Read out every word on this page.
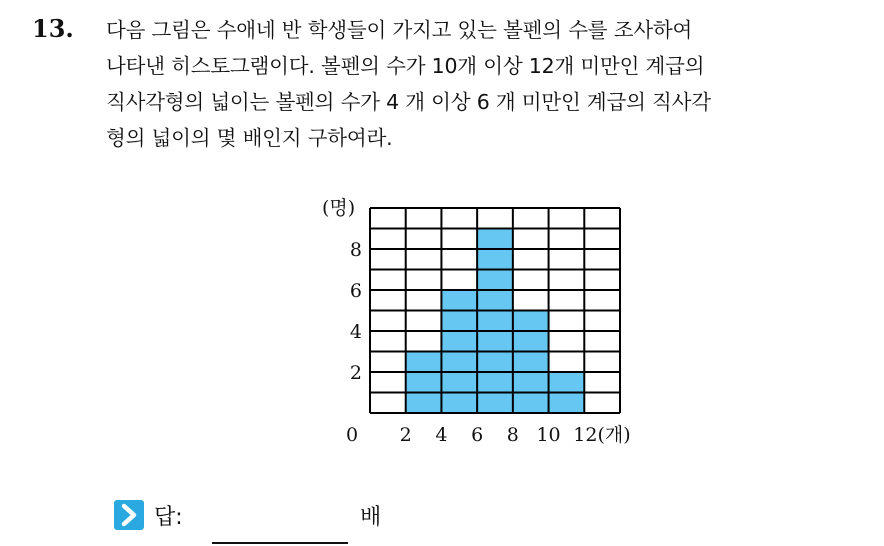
13. 다음 그림은 수애네 반 학생들이 가지고 있는 볼펜의 수를 조사하여
나타낸 히스토그램이다. 볼펜의 수가 10개 이상 12개 미만인 계급의
직사각형의 넓이는 볼펜의 수가 4 개 이상 6 개 미만인 계급의 직사각
형의 넓이의 몇 배인지 구하여라.
(명)
2
4
6
8
0 2 4 6 8 10 12(개)
답:	배
